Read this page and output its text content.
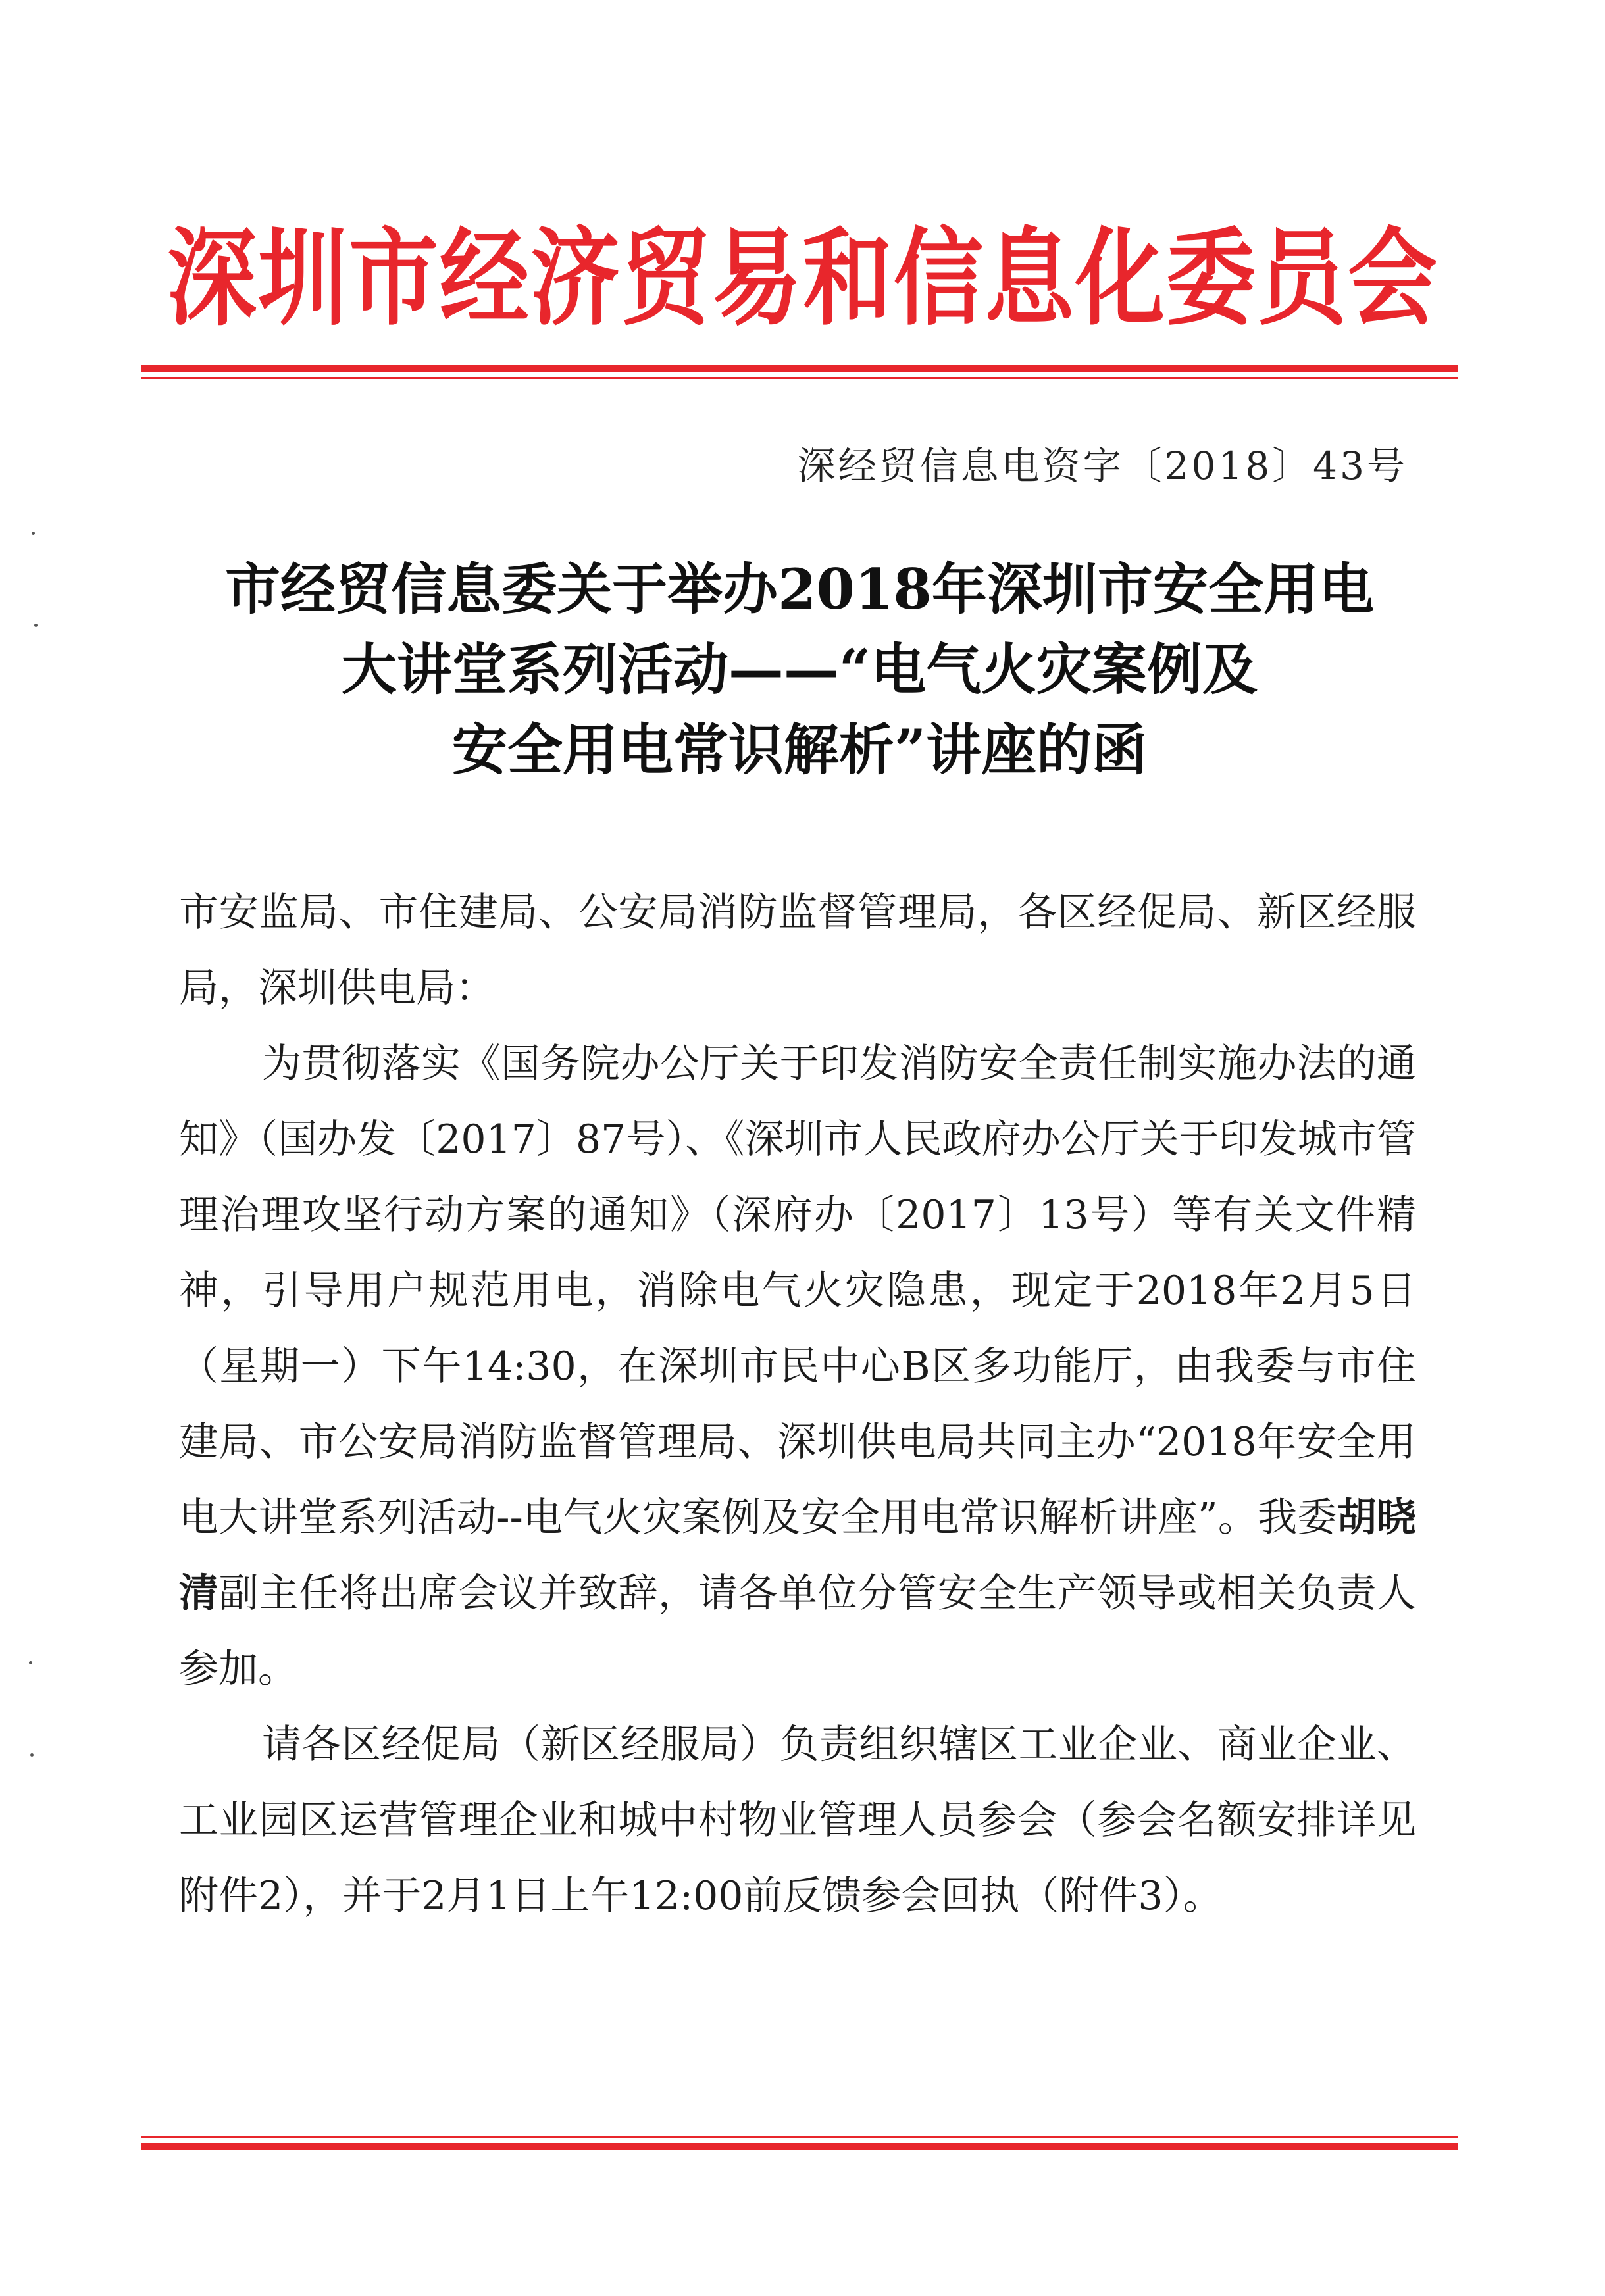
深圳市经济贸易和信息化委员会
深经贸信息电资字〔2018〕43号
市经贸信息委关于举办2018年深圳市安全用电
大讲堂系列活动——“电气火灾案例及
安全用电常识解析”讲座的函

市安监局、市住建局、公安局消防监督管理局，各区经促局、新区经服局，深圳供电局：

为贯彻落实《国务院办公厅关于印发消防安全责任制实施办法的通知》（国办发〔2017〕87号）、《深圳市人民政府办公厅关于印发城市管理治理攻坚行动方案的通知》（深府办〔2017〕13号）等有关文件精神，引导用户规范用电，消除电气火灾隐患，现定于2018年2月5日（星期一）下午14:30，在深圳市民中心B区多功能厅，由我委与市住建局、市公安局消防监督管理局、深圳供电局共同主办“2018年安全用电大讲堂系列活动--电气火灾案例及安全用电常识解析讲座”。我委胡晓清副主任将出席会议并致辞，请各单位分管安全生产领导或相关负责人参加。

请各区经促局（新区经服局）负责组织辖区工业企业、商业企业、工业园区运营管理企业和城中村物业管理人员参会（参会名额安排详见附件2），并于2月1日上午12:00前反馈参会回执（附件3）。
